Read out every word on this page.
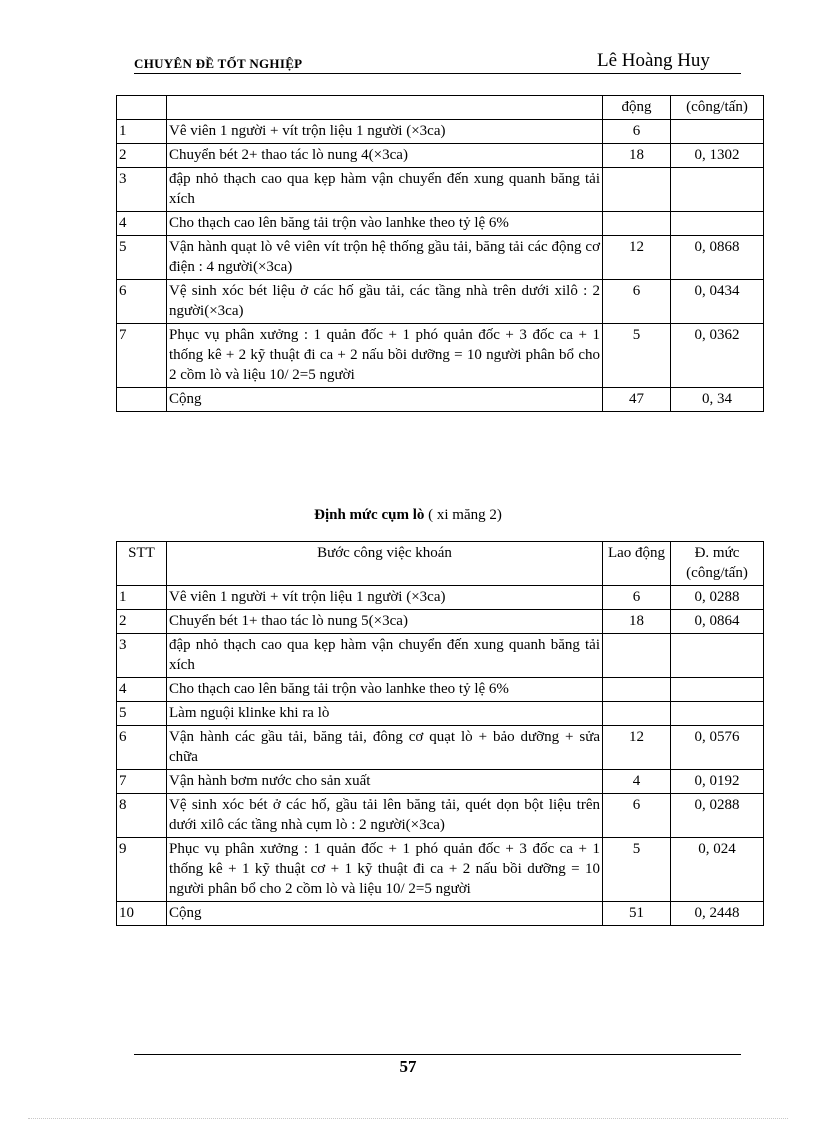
CHUYÊN ĐỀ TỐT NGHIỆP	Lê Hoàng Huy
		động	(công/tấn)
1	Vê viên 1 người + vít trộn liệu 1 người (×3ca)	6	
2	Chuyển bét 2+ thao tác lò nung 4(×3ca)	18	0, 1302
3	đập nhỏ thạch cao qua kẹp hàm vận chuyển đến xung quanh băng tải xích		
4	Cho thạch cao lên băng tải trộn vào lanhke theo tỷ lệ 6%		
5	Vận hành quạt lò vê viên vít trộn hệ thống gầu tải, băng tải các động cơ điện : 4 người(×3ca)	12	0, 0868
6	Vệ sinh xóc bét liệu ở các hố gầu tải, các tầng nhà trên dưới xilô : 2 người(×3ca)	6	0, 0434
7	Phục vụ phân xưởng : 1 quản đốc + 1 phó quản đốc + 3 đốc ca + 1 thống kê + 2 kỹ thuật đi ca + 2 nấu bồi dưỡng = 10 người phân bổ cho 2 cồm lò và liệu 10/ 2=5 người	5	0, 0362
	Cộng	47	0, 34
Định mức cụm lò ( xi măng 2)
STT	Bước công việc khoán	Lao động	Đ. mức (công/tấn)
1	Vê viên 1 người + vít trộn liệu 1 người (×3ca)	6	0, 0288
2	Chuyển bét 1+ thao tác lò nung 5(×3ca)	18	0, 0864
3	đập nhỏ thạch cao qua kẹp hàm vận chuyển đến xung quanh băng tải xích		
4	Cho thạch cao lên băng tải trộn vào lanhke theo tỷ lệ 6%		
5	Làm nguội klinke khi ra lò		
6	Vận hành các gầu tải, băng tải, đông cơ quạt lò + bảo dưỡng + sửa chữa	12	0, 0576
7	Vận hành bơm nước cho sản xuất	4	0, 0192
8	Vệ sinh xóc bét ở các hố, gầu tải lên băng tải, quét dọn bột liệu trên dưới xilô các tầng nhà cụm lò : 2 người(×3ca)	6	0, 0288
9	Phục vụ phân xưởng : 1 quản đốc + 1 phó quản đốc + 3 đốc ca + 1 thống kê + 1 kỹ thuật cơ + 1 kỹ thuật đi ca + 2 nấu bồi dưỡng = 10 người phân bổ cho 2 cồm lò và liệu 10/ 2=5 người	5	0, 024
10	Cộng	51	0, 2448
57
